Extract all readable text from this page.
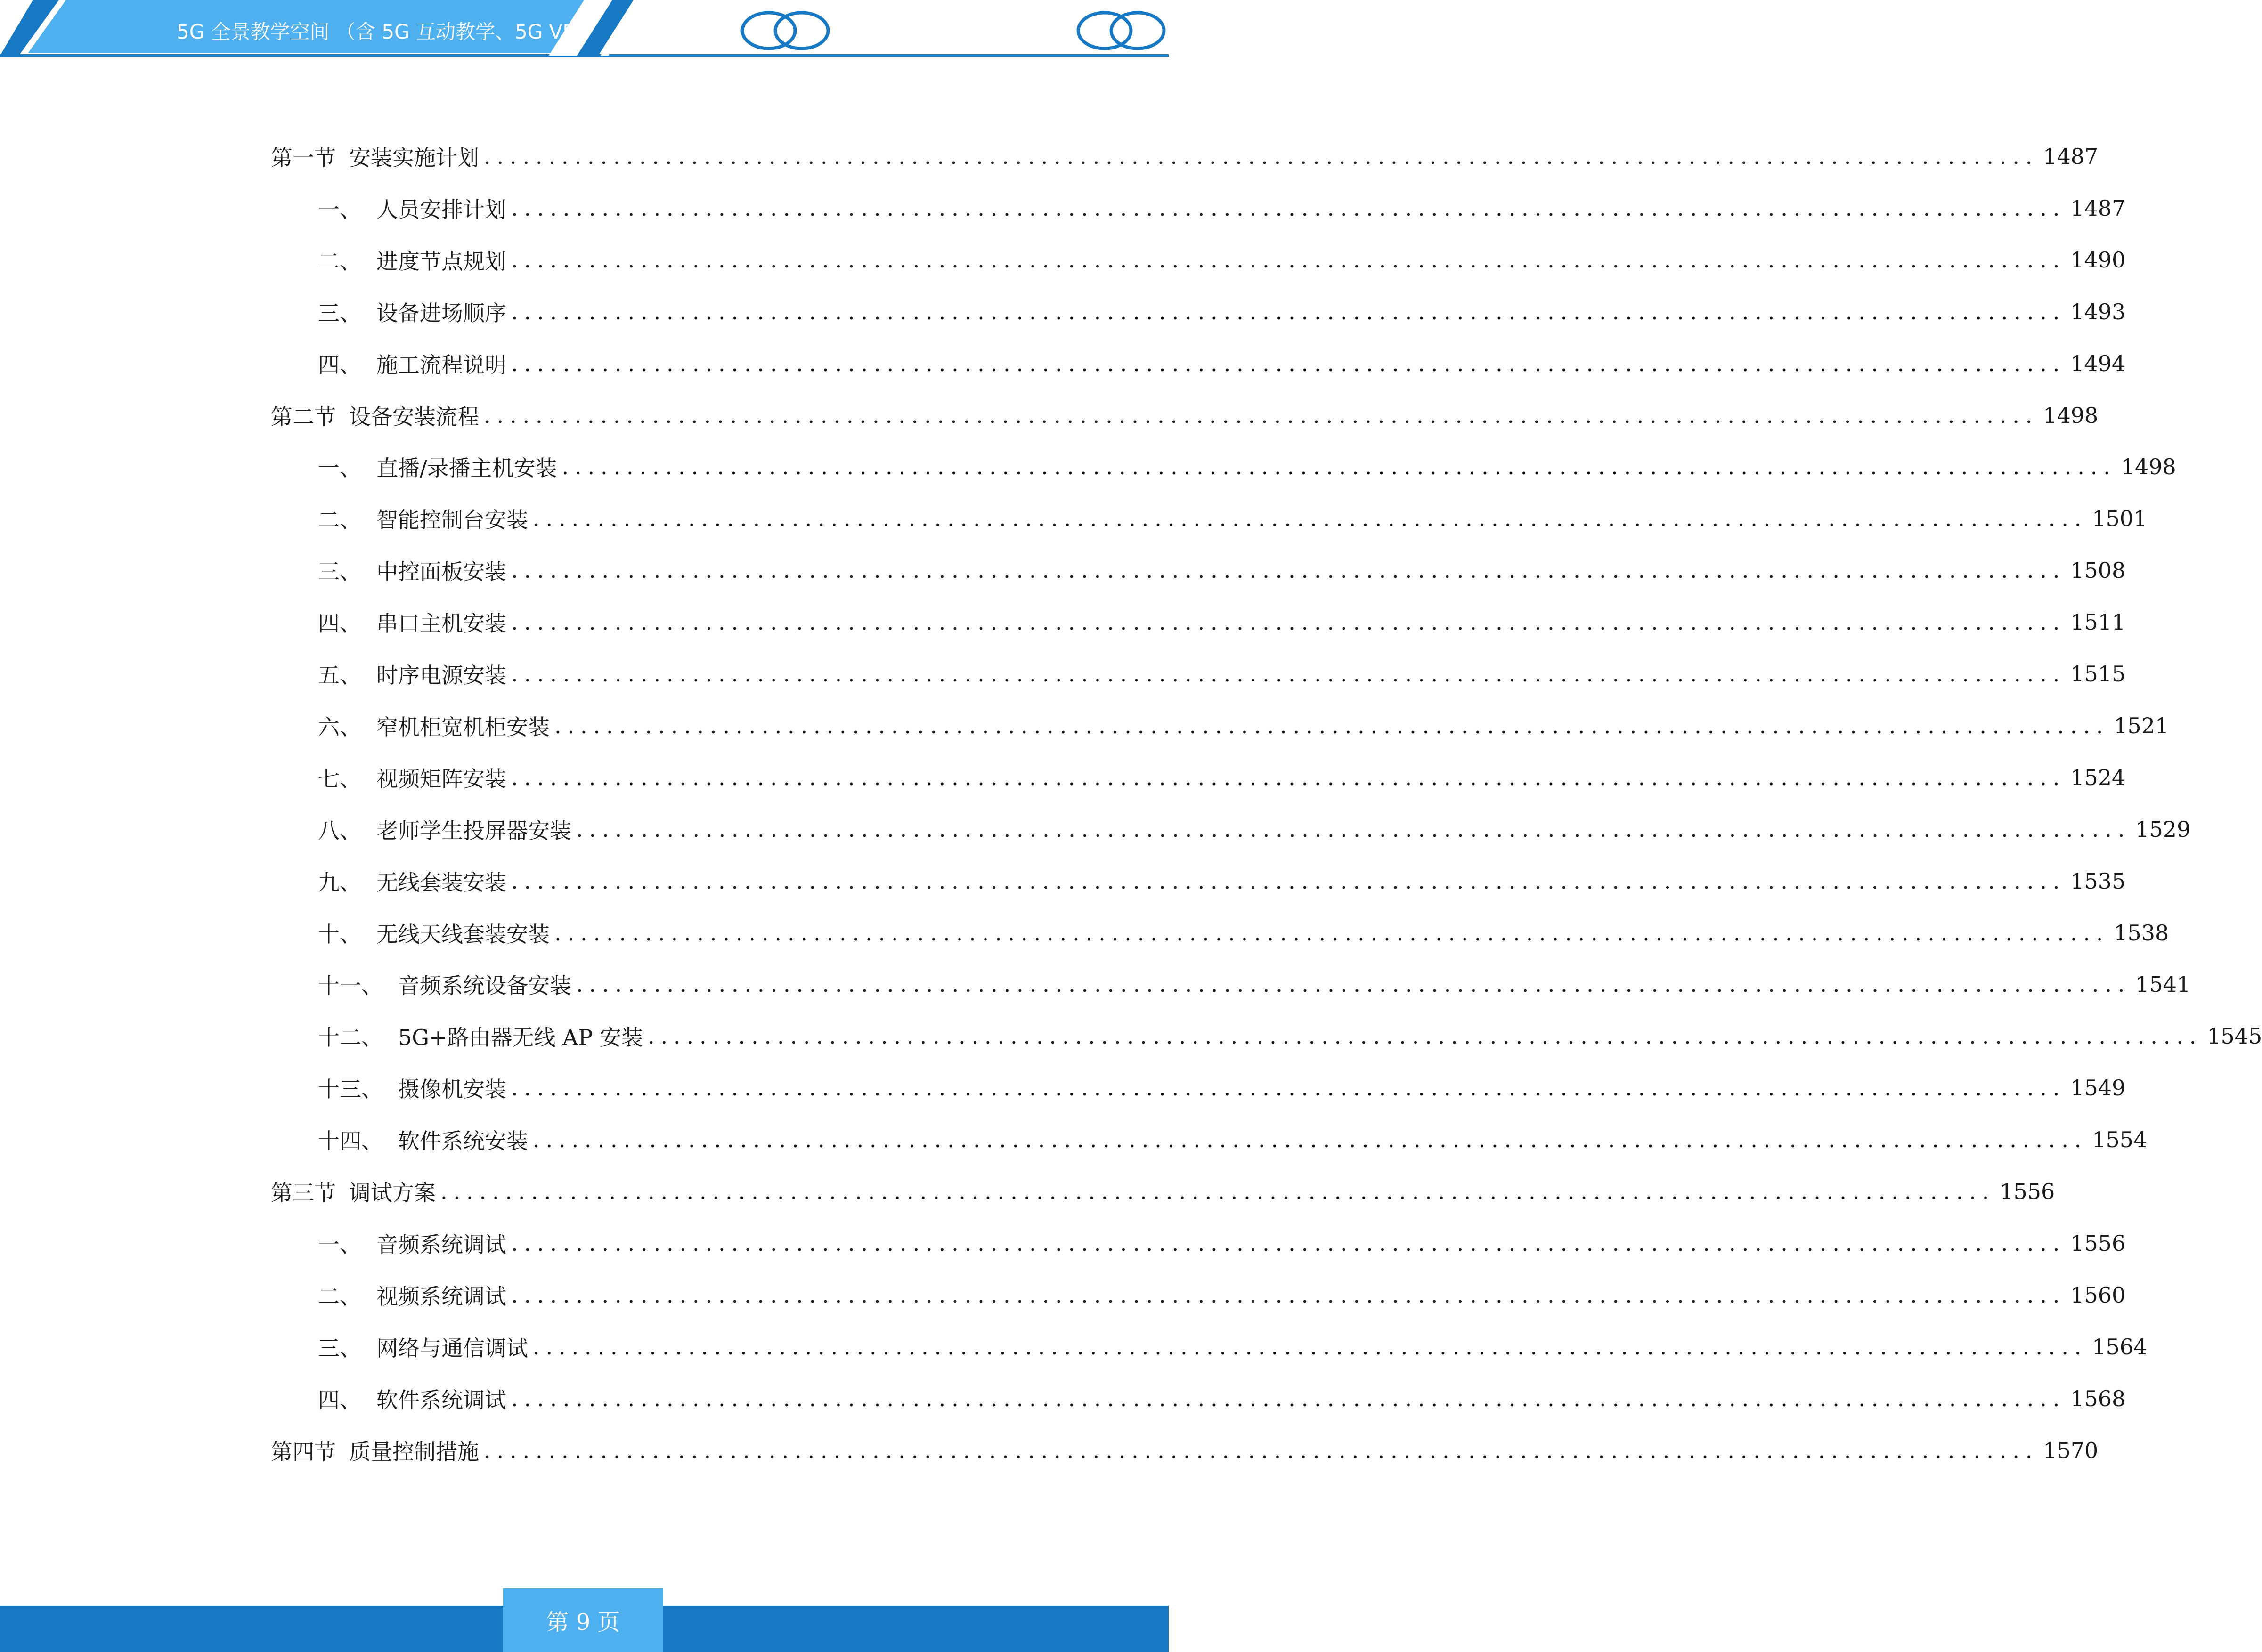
5G 全景教学空间 （含 5G 互动教学、5G VR
第一节 安装实施计划 ........................................................................................................................ 1487
一、 人员安排计划 ........................................................................................................................ 1487
二、 进度节点规划 ........................................................................................................................ 1490
三、 设备进场顺序 ........................................................................................................................ 1493
四、 施工流程说明 ........................................................................................................................ 1494
第二节 设备安装流程 ........................................................................................................................ 1498
一、 直播/录播主机安装 ........................................................................................................................ 1498
二、 智能控制台安装 ........................................................................................................................ 1501
三、 中控面板安装 ........................................................................................................................ 1508
四、 串口主机安装 ........................................................................................................................ 1511
五、 时序电源安装 ........................................................................................................................ 1515
六、 窄机柜宽机柜安装 ........................................................................................................................ 1521
七、 视频矩阵安装 ........................................................................................................................ 1524
八、 老师学生投屏器安装 ........................................................................................................................ 1529
九、 无线套装安装 ........................................................................................................................ 1535
十、 无线天线套装安装 ........................................................................................................................ 1538
十一、 音频系统设备安装 ........................................................................................................................ 1541
十二、 5G+路由器无线 AP 安装 ........................................................................................................................ 1545
十三、 摄像机安装 ........................................................................................................................ 1549
十四、 软件系统安装 ........................................................................................................................ 1554
第三节 调试方案 ........................................................................................................................ 1556
一、 音频系统调试 ........................................................................................................................ 1556
二、 视频系统调试 ........................................................................................................................ 1560
三、 网络与通信调试 ........................................................................................................................ 1564
四、 软件系统调试 ........................................................................................................................ 1568
第四节 质量控制措施 ........................................................................................................................ 1570
第 9 页
